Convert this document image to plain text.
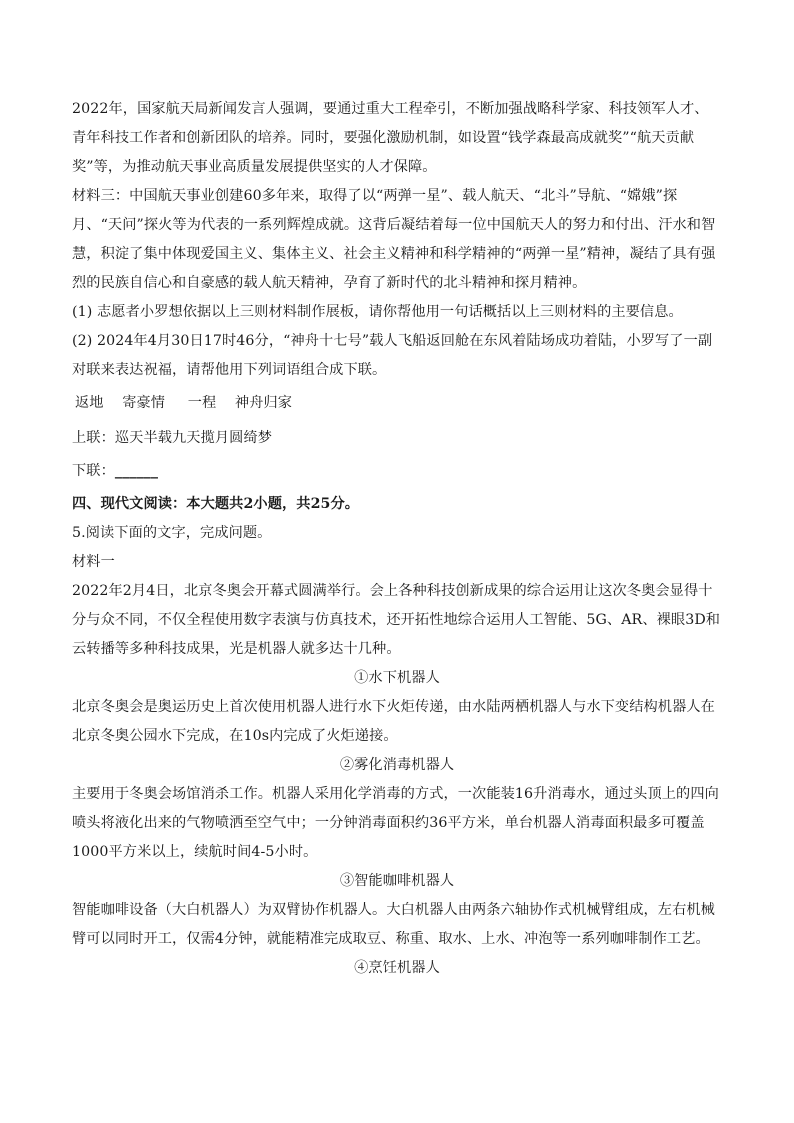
2022年，国家航天局新闻发言人强调，要通过重大工程牵引，不断加强战略科学家、科技领军人才、青年科技工作者和创新团队的培养。同时，要强化激励机制，如设置“钱学森最高成就奖”“航天贡献奖”等，为推动航天事业高质量发展提供坚实的人才保障。

材料三：中国航天事业创建60多年来，取得了以“两弹一星”、载人航天、“北斗”导航、“嫦娥”探月、“天问”探火等为代表的一系列辉煌成就。这背后凝结着每一位中国航天人的努力和付出、汗水和智慧，积淀了集中体现爱国主义、集体主义、社会主义精神和科学精神的“两弹一星”精神，凝结了具有强烈的民族自信心和自豪感的载人航天精神，孕育了新时代的北斗精神和探月精神。

(1) 志愿者小罗想依据以上三则材料制作展板，请你帮他用一句话概括以上三则材料的主要信息。

(2) 2024年4月30日17时46分，“神舟十七号”载人飞船返回舱在东风着陆场成功着陆，小罗写了一副对联来表达祝福，请帮他用下列词语组合成下联。

返地 寄豪情 一程 神舟归家

上联：巡天半载九天揽月圆绮梦

下联：______

四、现代文阅读：本大题共2小题，共25分。

5.阅读下面的文字，完成问题。

材料一

2022年2月4日，北京冬奥会开幕式圆满举行。会上各种科技创新成果的综合运用让这次冬奥会显得十分与众不同，不仅全程使用数字表演与仿真技术，还开拓性地综合运用人工智能、5G、AR、裸眼3D和云转播等多种科技成果，光是机器人就多达十几种。

①水下机器人

北京冬奥会是奥运历史上首次使用机器人进行水下火炬传递，由水陆两栖机器人与水下变结构机器人在北京冬奥公园水下完成，在10s内完成了火炬递接。

②雾化消毒机器人

主要用于冬奥会场馆消杀工作。机器人采用化学消毒的方式，一次能装16升消毒水，通过头顶上的四向喷头将液化出来的气物喷洒至空气中；一分钟消毒面积约36平方米，单台机器人消毒面积最多可覆盖1000平方米以上，续航时间4-5小时。

③智能咖啡机器人

智能咖啡设备（大白机器人）为双臂协作机器人。大白机器人由两条六轴协作式机械臂组成，左右机械臂可以同时开工，仅需4分钟，就能精准完成取豆、称重、取水、上水、冲泡等一系列咖啡制作工艺。

④烹饪机器人
